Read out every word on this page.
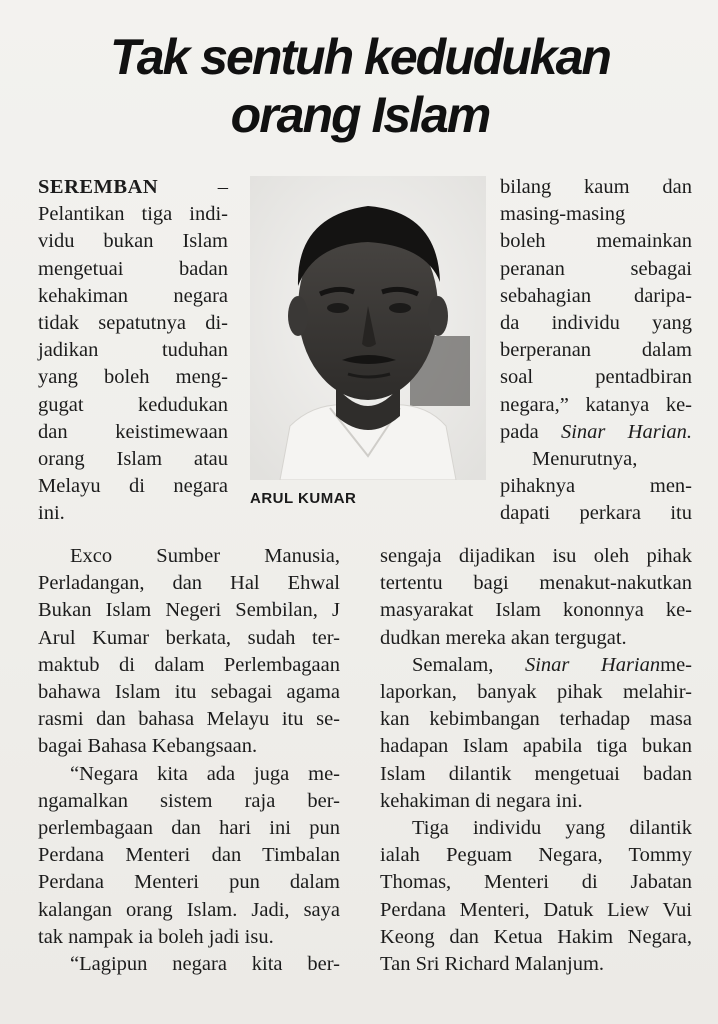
Tak sentuh kedudukan
orang Islam

SEREMBAN	–

Pelantikan tiga indi-

vidu bukan Islam

mengetuai badan

kehakiman negara

tidak sepatutnya di-

jadikan tuduhan

yang boleh meng-

gugat kedudukan

dan keistimewaan

orang Islam atau

Melayu di negara

ini.

ARUL KUMAR

bilang kaum dan

masing-masing

boleh memainkan

peranan sebagai

sebahagian daripa-

da individu yang

berperanan dalam

soal pentadbiran

negara,” katanya ke-

pada Sinar Harian.

Menurutnya,

pihaknya men-

dapati perkara itu

Exco Sumber Manusia,

Perladangan, dan Hal Ehwal

Bukan Islam Negeri Sembilan, J

Arul Kumar berkata, sudah ter-

maktub di dalam Perlembagaan

bahawa Islam itu sebagai agama

rasmi dan bahasa Melayu itu se-

bagai Bahasa Kebangsaan.

“Negara kita ada juga me-

ngamalkan sistem raja ber-

perlembagaan dan hari ini pun

Perdana Menteri dan Timbalan

Perdana Menteri pun dalam

kalangan orang Islam. Jadi, saya

tak nampak ia boleh jadi isu.

“Lagipun negara kita ber-

sengaja dijadikan isu oleh pihak

tertentu bagi menakut-nakutkan

masyarakat Islam kononnya ke-

dudkan mereka akan tergugat.

Semalam, Sinar Harianme-

laporkan, banyak pihak melahir-

kan kebimbangan terhadap masa

hadapan Islam apabila tiga bukan

Islam dilantik mengetuai badan

kehakiman di negara ini.

Tiga individu yang dilantik

ialah Peguam Negara, Tommy

Thomas, Menteri di Jabatan

Perdana Menteri, Datuk Liew Vui

Keong dan Ketua Hakim Negara,

Tan Sri Richard Malanjum.
